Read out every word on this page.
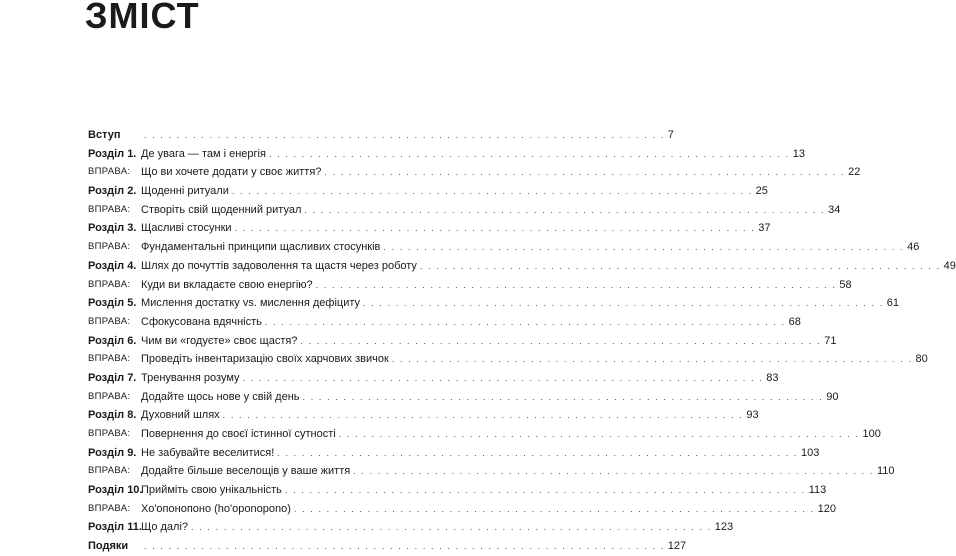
ЗМІСТ
Вступ	. . . . . . . . . . . . . . . . . . . . . . . . . . . . . . . . . . . . . . . . . . . . . . . . . . . . . . . . . . . . . . . . 7
Розділ 1. Де увага — там і енергія . . . . . . . . . . . . . . . . . . . . . . . . . . . . . . . . . . . . . . . . . . . . . . . . . . . . . . . . . . . . . . . . 13
ВПРАВА: Що ви хочете додати у своє життя? . . . . . . . . . . . . . . . . . . . . . . . . . . . . . . . . . . . . . . . . . . . . . . . . . . . . . . . . . . . . . . . . 22
Розділ 2. Щоденні ритуали . . . . . . . . . . . . . . . . . . . . . . . . . . . . . . . . . . . . . . . . . . . . . . . . . . . . . . . . . . . . . . . . 25
ВПРАВА: Створіть свій щоденний ритуал . . . . . . . . . . . . . . . . . . . . . . . . . . . . . . . . . . . . . . . . . . . . . . . . . . . . . . . . . . . . . . . . 34
Розділ 3. Щасливі стосунки . . . . . . . . . . . . . . . . . . . . . . . . . . . . . . . . . . . . . . . . . . . . . . . . . . . . . . . . . . . . . . . . 37
ВПРАВА: Фундаментальні принципи щасливих стосунків . . . . . . . . . . . . . . . . . . . . . . . . . . . . . . . . . . . . . . . . . . . . . . . . . . . . . . . . . . . . . . . . 46
Розділ 4. Шлях до почуттів задоволення та щастя через роботу . . . . . . . . . . . . . . . . . . . . . . . . . . . . . . . . . . . . . . . . . . . . . . . . . . . . . . . . . . . . . . . . 49
ВПРАВА: Куди ви вкладаєте свою енергію? . . . . . . . . . . . . . . . . . . . . . . . . . . . . . . . . . . . . . . . . . . . . . . . . . . . . . . . . . . . . . . . . 58
Розділ 5. Мислення достатку vs. мислення дефіциту . . . . . . . . . . . . . . . . . . . . . . . . . . . . . . . . . . . . . . . . . . . . . . . . . . . . . . . . . . . . . . . . 61
ВПРАВА: Сфокусована вдячність . . . . . . . . . . . . . . . . . . . . . . . . . . . . . . . . . . . . . . . . . . . . . . . . . . . . . . . . . . . . . . . . 68
Розділ 6. Чим ви «годуєте» своє щастя? . . . . . . . . . . . . . . . . . . . . . . . . . . . . . . . . . . . . . . . . . . . . . . . . . . . . . . . . . . . . . . . . 71
ВПРАВА: Проведіть інвентаризацію своїх харчових звичок . . . . . . . . . . . . . . . . . . . . . . . . . . . . . . . . . . . . . . . . . . . . . . . . . . . . . . . . . . . . . . . . 80
Розділ 7. Тренування розуму . . . . . . . . . . . . . . . . . . . . . . . . . . . . . . . . . . . . . . . . . . . . . . . . . . . . . . . . . . . . . . . . 83
ВПРАВА: Додайте щось нове у свій день . . . . . . . . . . . . . . . . . . . . . . . . . . . . . . . . . . . . . . . . . . . . . . . . . . . . . . . . . . . . . . . . 90
Розділ 8. Духовний шлях . . . . . . . . . . . . . . . . . . . . . . . . . . . . . . . . . . . . . . . . . . . . . . . . . . . . . . . . . . . . . . . . 93
ВПРАВА: Повернення до своєї істинної сутності . . . . . . . . . . . . . . . . . . . . . . . . . . . . . . . . . . . . . . . . . . . . . . . . . . . . . . . . . . . . . . . . 100
Розділ 9. Не забувайте веселитися! . . . . . . . . . . . . . . . . . . . . . . . . . . . . . . . . . . . . . . . . . . . . . . . . . . . . . . . . . . . . . . . . 103
ВПРАВА: Додайте більше веселощів у ваше життя . . . . . . . . . . . . . . . . . . . . . . . . . . . . . . . . . . . . . . . . . . . . . . . . . . . . . . . . . . . . . . . . 110
Розділ 10.
Прийміть свою унікальність . . . . . . . . . . . . . . . . . . . . . . . . . . . . . . . . . . . . . . . . . . . . . . . . . . . . . . . . . . . . . . . . 113
ВПРАВА: Хо'опонопоно (ho'oponopono) . . . . . . . . . . . . . . . . . . . . . . . . . . . . . . . . . . . . . . . . . . . . . . . . . . . . . . . . . . . . . . . . 120
Розділ 11. Що далі? . . . . . . . . . . . . . . . . . . . . . . . . . . . . . . . . . . . . . . . . . . . . . . . . . . . . . . . . . . . . . . . . 123
Подяки	. . . . . . . . . . . . . . . . . . . . . . . . . . . . . . . . . . . . . . . . . . . . . . . . . . . . . . . . . . . . . . . . 127
